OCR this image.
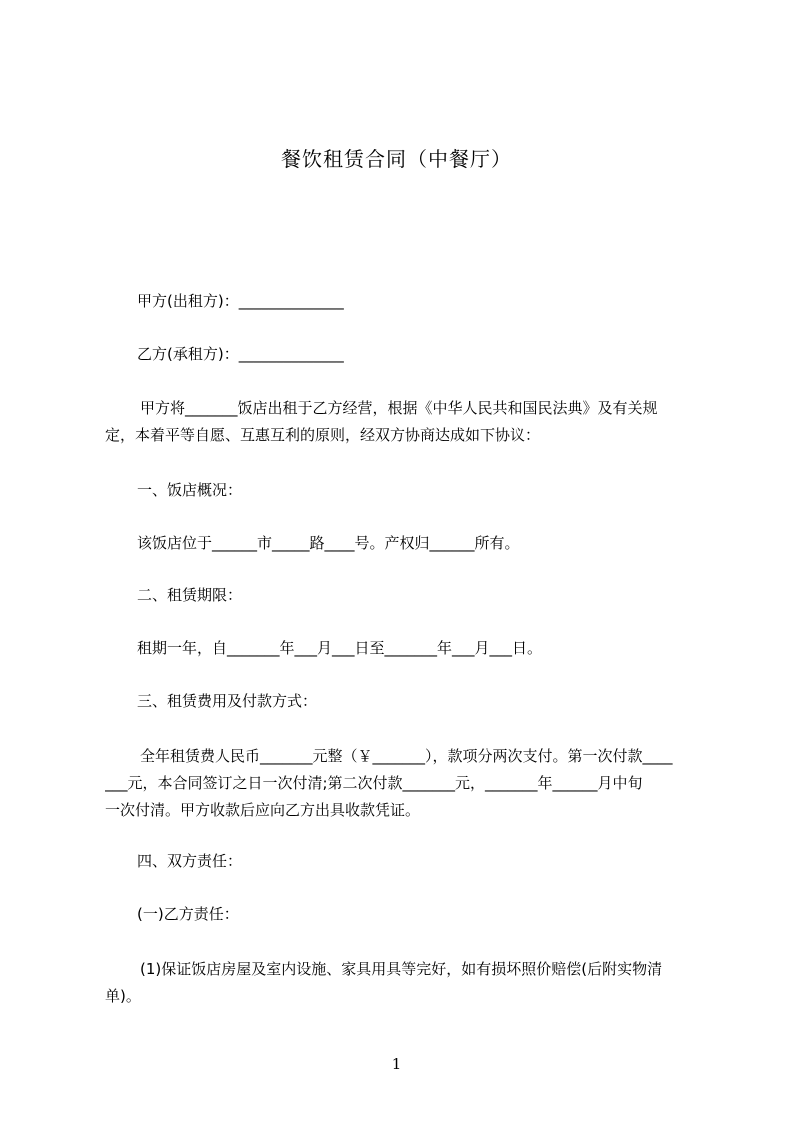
餐饮租赁合同（中餐厅）
甲方(出租方)：______________
乙方(承租方)：______________
甲方将_______饭店出租于乙方经营，根据《中华人民共和国民法典》及有关规
定，本着平等自愿、互惠互利的原则，经双方协商达成如下协议：
一、饭店概况：
该饭店位于______市_____路____号。产权归______所有。
二、租赁期限：
租期一年，自_______年___月___日至_______年___月___日。
三、租赁费用及付款方式：
全年租赁费人民币_______元整（￥_______），款项分两次支付。第一次付款____
___元，本合同签订之日一次付清;第二次付款_______元，_______年______月中旬
一次付清。甲方收款后应向乙方出具收款凭证。
四、双方责任：
(一)乙方责任：
(1)保证饭店房屋及室内设施、家具用具等完好，如有损坏照价赔偿(后附实物清
单)。
1
